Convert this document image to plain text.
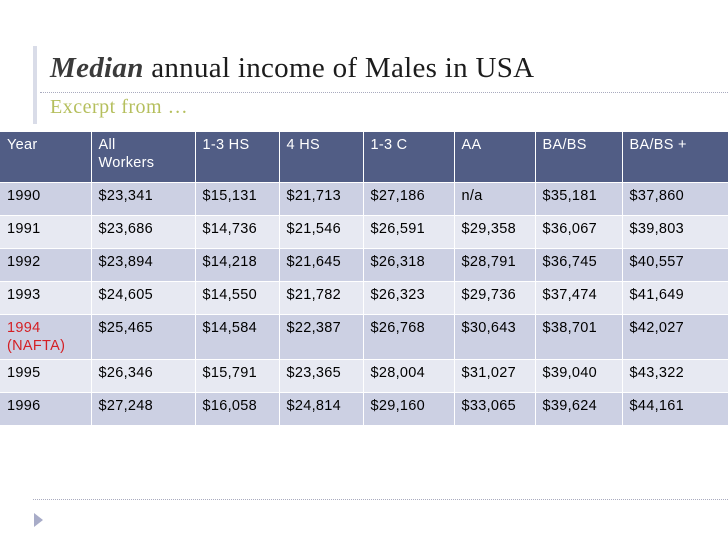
Median annual income of Males in USA
Excerpt from …
Year	All Workers	1-3 HS	4 HS	1-3 C	AA	BA/BS	BA/BS +
1990	$23,341	$15,131	$21,713	$27,186	n/a	$35,181	$37,860
1991	$23,686	$14,736	$21,546	$26,591	$29,358	$36,067	$39,803
1992	$23,894	$14,218	$21,645	$26,318	$28,791	$36,745	$40,557
1993	$24,605	$14,550	$21,782	$26,323	$29,736	$37,474	$41,649

1994
(NAFTA)	$25,465	$14,584	$22,387	$26,768	$30,643	$38,701	$42,027
1995	$26,346	$15,791	$23,365	$28,004	$31,027	$39,040	$43,322
1996	$27,248	$16,058	$24,814	$29,160	$33,065	$39,624	$44,161
